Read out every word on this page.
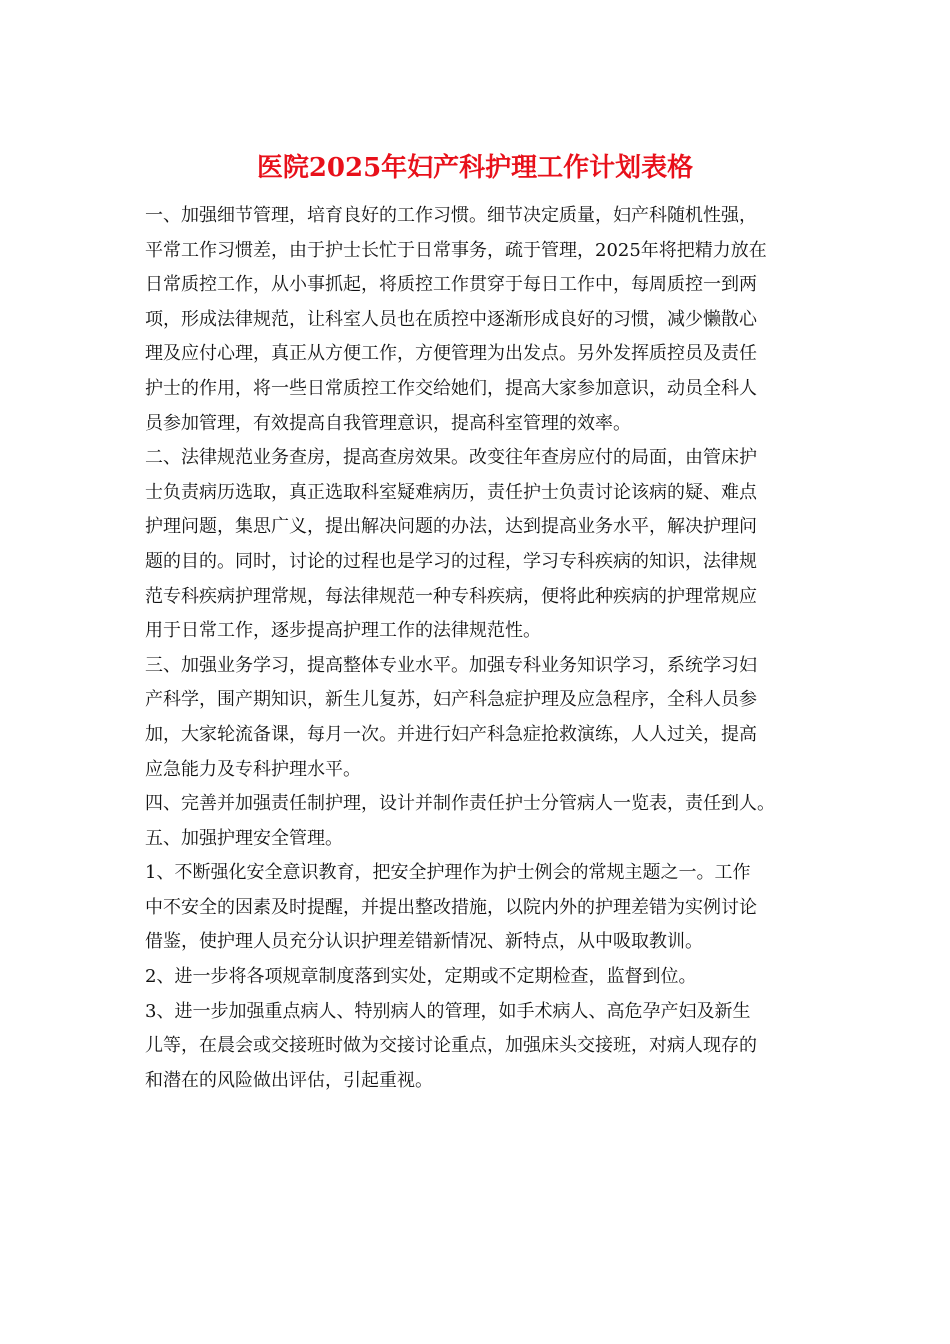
医院2025年妇产科护理工作计划表格
一、加强细节管理，培育良好的工作习惯。细节决定质量，妇产科随机性强，
平常工作习惯差，由于护士长忙于日常事务，疏于管理，2025年将把精力放在
日常质控工作，从小事抓起，将质控工作贯穿于每日工作中，每周质控一到两
项，形成法律规范，让科室人员也在质控中逐渐形成良好的习惯，减少懒散心
理及应付心理，真正从方便工作，方便管理为出发点。另外发挥质控员及责任
护士的作用，将一些日常质控工作交给她们，提高大家参加意识，动员全科人
员参加管理，有效提高自我管理意识，提高科室管理的效率。
二、法律规范业务查房，提高查房效果。改变往年查房应付的局面，由管床护
士负责病历选取，真正选取科室疑难病历，责任护士负责讨论该病的疑、难点
护理问题，集思广义，提出解决问题的办法，达到提高业务水平，解决护理问
题的目的。同时，讨论的过程也是学习的过程，学习专科疾病的知识，法律规
范专科疾病护理常规，每法律规范一种专科疾病，便将此种疾病的护理常规应
用于日常工作，逐步提高护理工作的法律规范性。
三、加强业务学习，提高整体专业水平。加强专科业务知识学习，系统学习妇
产科学，围产期知识，新生儿复苏，妇产科急症护理及应急程序，全科人员参
加，大家轮流备课，每月一次。并进行妇产科急症抢救演练，人人过关，提高
应急能力及专科护理水平。
四、完善并加强责任制护理，设计并制作责任护士分管病人一览表，责任到人。
五、加强护理安全管理。
1、不断强化安全意识教育，把安全护理作为护士例会的常规主题之一。工作
中不安全的因素及时提醒，并提出整改措施，以院内外的护理差错为实例讨论
借鉴，使护理人员充分认识护理差错新情况、新特点，从中吸取教训。
2、进一步将各项规章制度落到实处，定期或不定期检查，监督到位。
3、进一步加强重点病人、特别病人的管理，如手术病人、高危孕产妇及新生
儿等，在晨会或交接班时做为交接讨论重点，加强床头交接班，对病人现存的
和潜在的风险做出评估，引起重视。
